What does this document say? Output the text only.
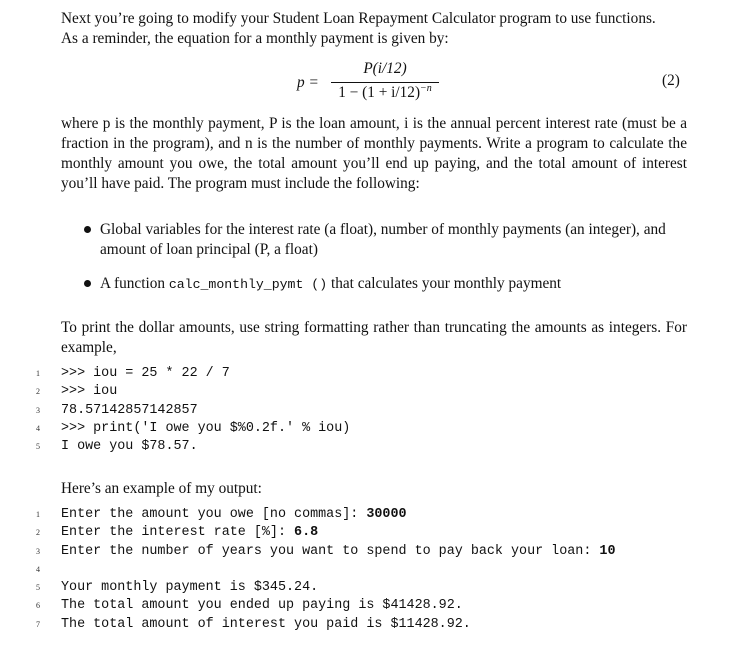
Next you’re going to modify your Student Loan Repayment Calculator program to use functions.
As a reminder, the equation for a monthly payment is given by:

p =
P(i/12)
$1 - (1 + i/12)^{-n}$	(2)

where p is the monthly payment, P is the loan amount, i is the annual percent interest rate (must be a fraction in the program), and n is the number of monthly payments. Write a program to calculate the monthly amount you owe, the total amount you’ll end up paying, and the total amount of interest you’ll have paid. The program must include the following:

Global variables for the interest rate (a float), number of monthly payments (an integer), and amount of loan principal (P, a float)
A function calc_monthly_pymt () that calculates your monthly payment

To print the dollar amounts, use string formatting rather than truncating the amounts as integers. For example,

1 >>> iou = 25 * 22 / 7
2 >>> iou
3 78.57142857142857
4 >>> print('I owe you $%0.2f.' % iou)
5 I owe you $78.57.

Here’s an example of my output:

1 Enter the amount you owe [no commas]: 30000
2 Enter the interest rate [%]: 6.8
3 Enter the number of years you want to spend to pay back your loan: 10
4
5 Your monthly payment is $345.24.
6 The total amount you ended up paying is $41428.92.
7 The total amount of interest you paid is $11428.92.
